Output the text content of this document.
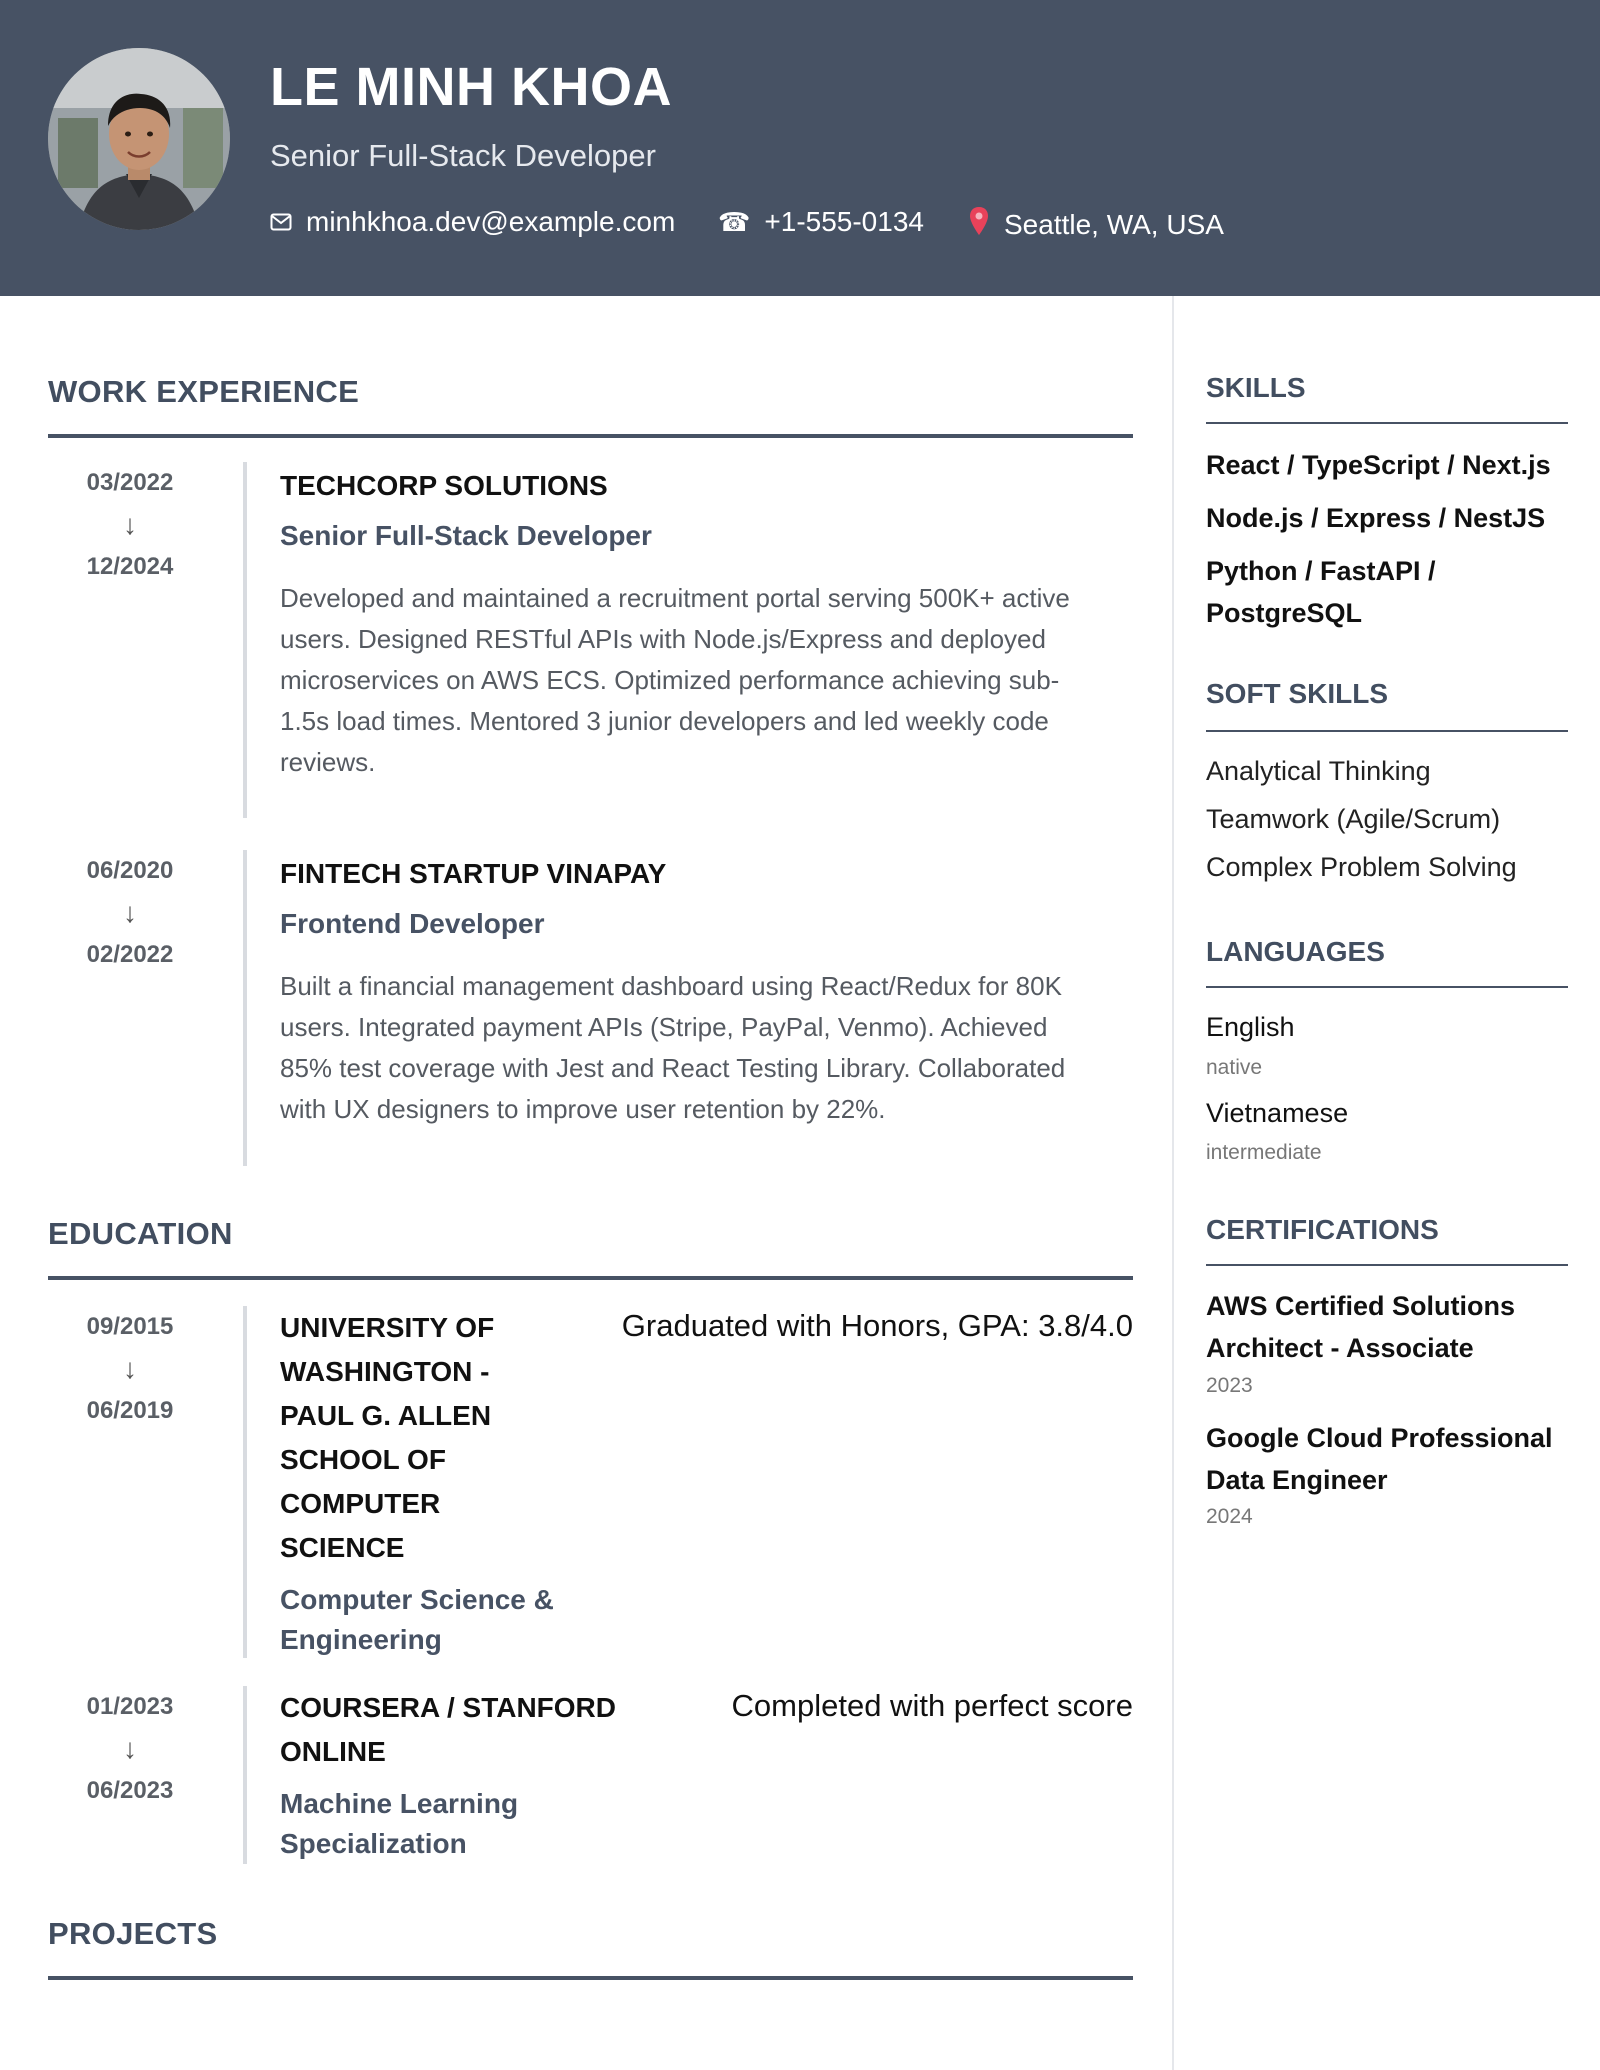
LE MINH KHOA
Senior Full-Stack Developer
minhkhoa.dev@example.com ☎ +1-555-0134	Seattle, WA, USA
WORK EXPERIENCE
03/2022
↓
12/2024
TECHCORP SOLUTIONS
Senior Full-Stack Developer
Developed and maintained a recruitment portal serving 500K+ active
users. Designed RESTful APIs with Node.js/Express and deployed
microservices on AWS ECS. Optimized performance achieving sub-
1.5s load times. Mentored 3 junior developers and led weekly code
reviews.
06/2020
↓
02/2022
FINTECH STARTUP VINAPAY
Frontend Developer
Built a financial management dashboard using React/Redux for 80K
users. Integrated payment APIs (Stripe, PayPal, Venmo). Achieved
85% test coverage with Jest and React Testing Library. Collaborated
with UX designers to improve user retention by 22%.
EDUCATION
09/2015
↓
06/2019
UNIVERSITY OF
WASHINGTON -
PAUL G. ALLEN
SCHOOL OF
COMPUTER
SCIENCE
Computer Science &
Engineering
Graduated with Honors, GPA: 3.8/4.0
01/2023
↓
06/2023
COURSERA / STANFORD
ONLINE
Machine Learning
Specialization
Completed with perfect score
PROJECTS
SKILLS
React / TypeScript / Next.js
Node.js / Express / NestJS
Python / FastAPI /
PostgreSQL
SOFT SKILLS
Analytical Thinking
Teamwork (Agile/Scrum)
Complex Problem Solving
LANGUAGES
English
native
Vietnamese
intermediate
CERTIFICATIONS
AWS Certified Solutions
Architect - Associate
2023
Google Cloud Professional
Data Engineer
2024
